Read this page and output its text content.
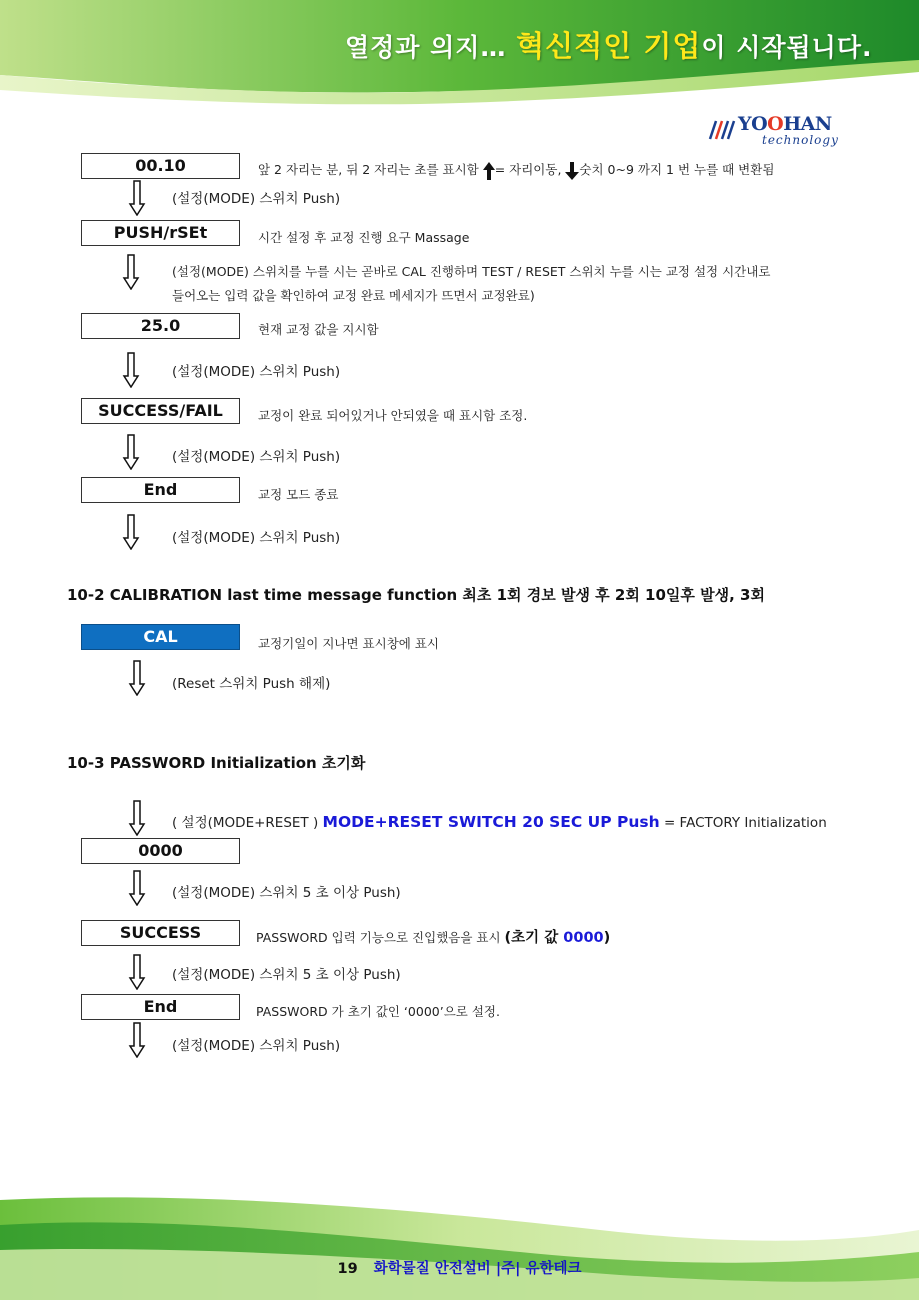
열정과 의지… 혁신적인 기업이 시작됩니다.
YOOHAN
technology
00.10	앞 2 자리는 분, 뒤 2 자리는 초를 표시함 = 자리이동, 숫치 0~9 까지 1 번 누를 때 변환됨
(설정(MODE) 스위치 Push)
PUSH/rSEt	시간 설정 후 교정 진행 요구 Massage
(설정(MODE) 스위치를 누를 시는 곧바로 CAL 진행하며 TEST / RESET 스위치 누를 시는 교정 설정 시간내로
들어오는 입력 값을 확인하여 교정 완료 메세지가 뜨면서 교정완료)
25.0	현재 교정 값을 지시함
(설정(MODE) 스위치 Push)
SUCCESS/FAIL	교정이 완료 되어있거나 안되였을 때 표시함 조정.
(설정(MODE) 스위치 Push)
End	교정 모드 종료
(설정(MODE) 스위치 Push)
10-2 CALIBRATION last time message function 최초 1회 경보 발생 후 2회 10일후 발생, 3회
CAL	교정기일이 지나면 표시창에 표시
(Reset 스위치 Push 해제)
10-3 PASSWORD Initialization 초기화
( 설정(MODE+RESET ) MODE+RESET SWITCH 20 SEC UP Push = FACTORY Initialization
0000
(설정(MODE) 스위치 5 초 이상 Push)
SUCCESS	PASSWORD 입력 기능으로 진입했음을 표시 (초기 값 0000)
(설정(MODE) 스위치 5 초 이상 Push)
End	PASSWORD 가 초기 값인 ‘0000’으로 설정.
(설정(MODE) 스위치 Push)
19 화학물질 안전설비 |주| 유한테크
